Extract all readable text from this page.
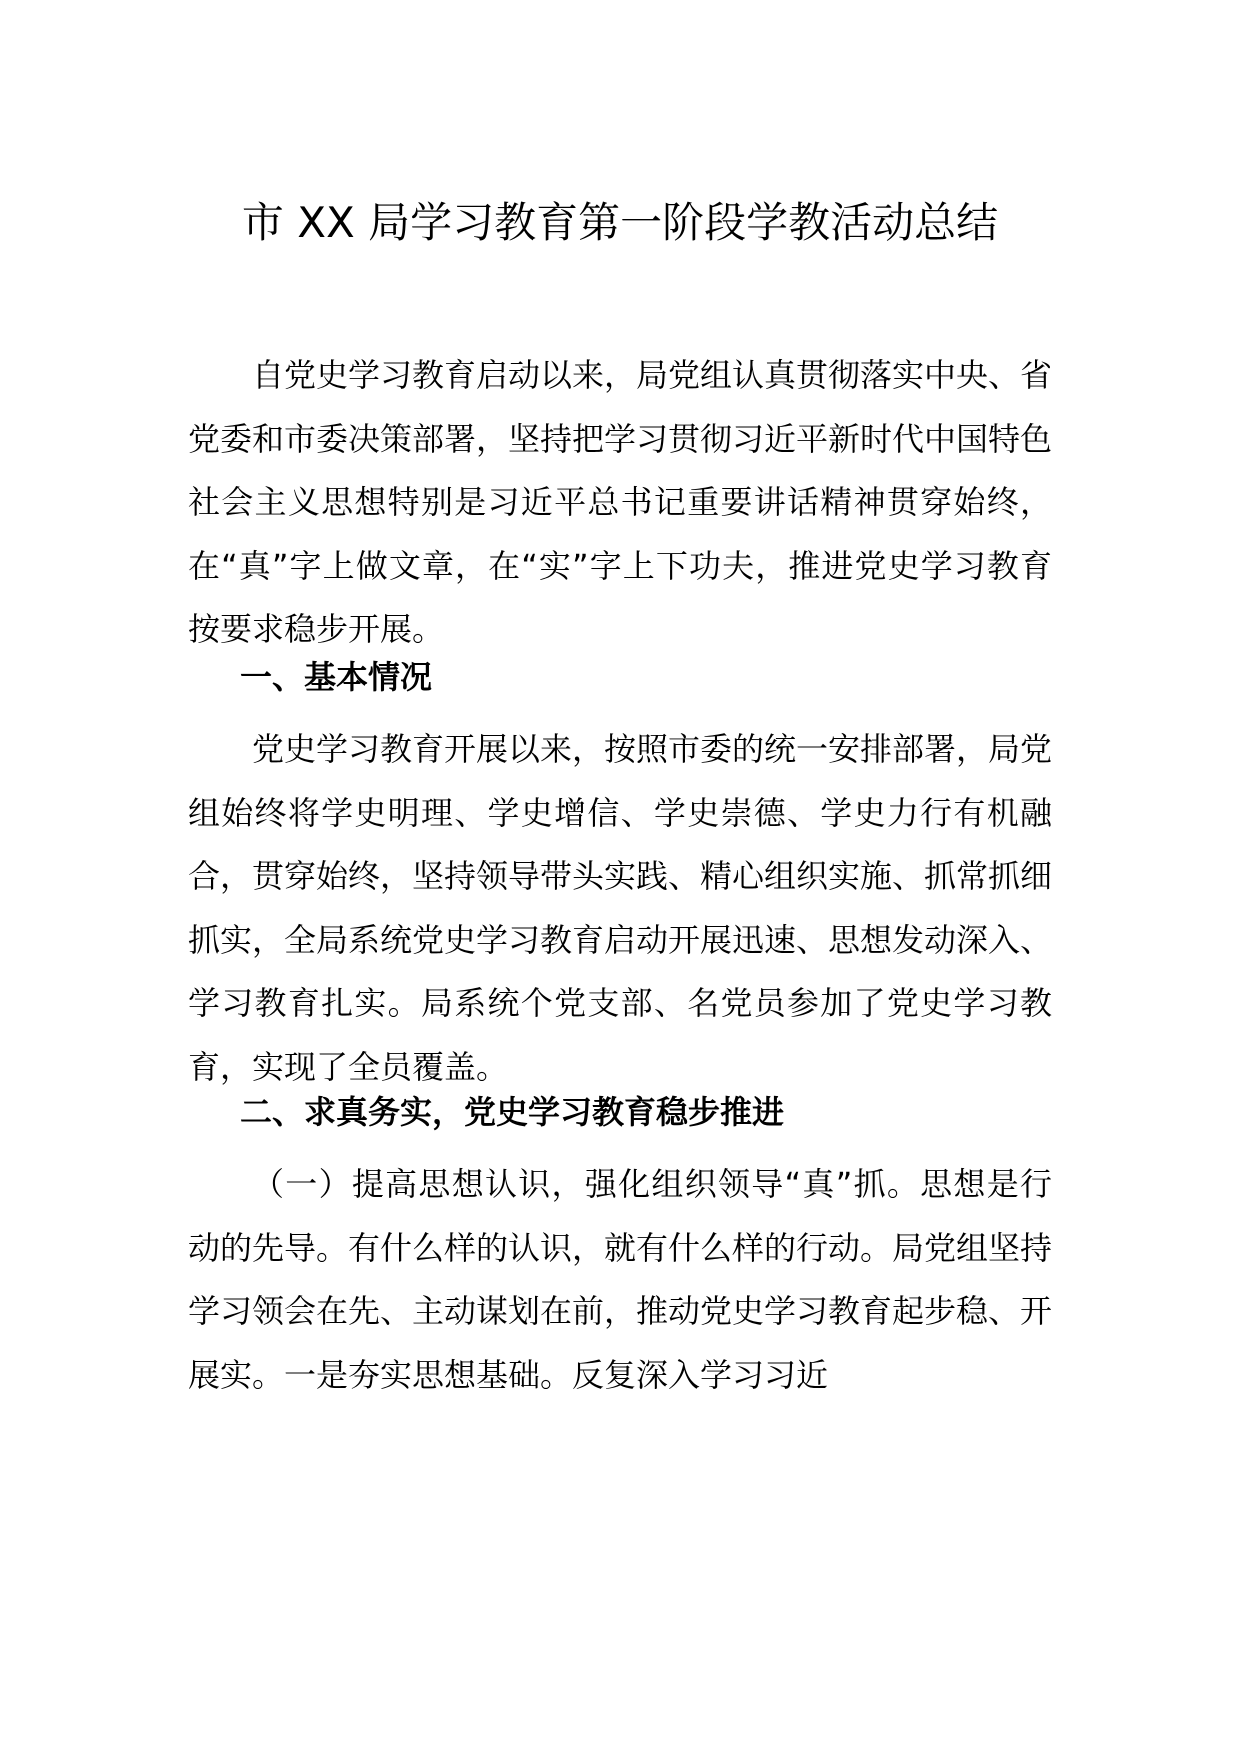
市 XX 局学习教育第一阶段学教活动总结

自党史学习教育启动以来，局党组认真贯彻落实中央、省党委和市委决策部署，坚持把学习贯彻习近平新时代中国特色社会主义思想特别是习近平总书记重要讲话精神贯穿始终，在“真”字上做文章，在“实”字上下功夫，推进党史学习教育按要求稳步开展。

一、基本情况

党史学习教育开展以来，按照市委的统一安排部署，局党组始终将学史明理、学史增信、学史崇德、学史力行有机融合，贯穿始终，坚持领导带头实践、精心组织实施、抓常抓细抓实，全局系统党史学习教育启动开展迅速、思想发动深入、学习教育扎实。局系统个党支部、名党员参加了党史学习教育，实现了全员覆盖。

二、求真务实，党史学习教育稳步推进

（一）提高思想认识，强化组织领导“真”抓。思想是行动的先导。有什么样的认识，就有什么样的行动。局党组坚持学习领会在先、主动谋划在前，推动党史学习教育起步稳、开展实。一是夯实思想基础。反复深入学习习近
